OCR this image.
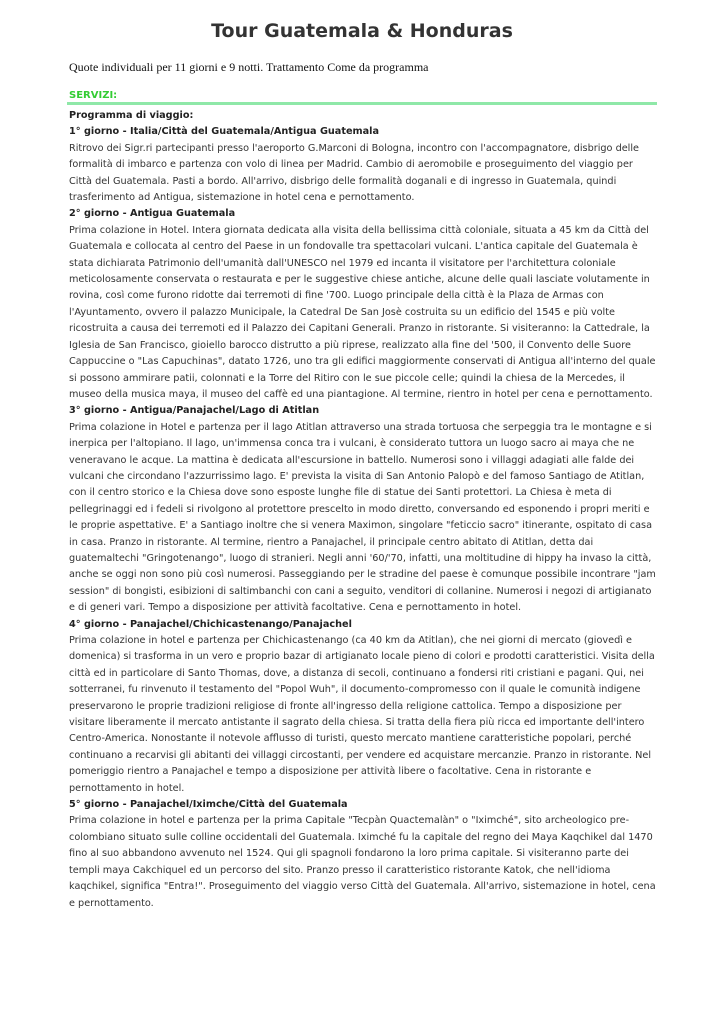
Tour Guatemala & Honduras

Quote individuali per 11 giorni e 9 notti. Trattamento Come da programma

SERVIZI:

Programma di viaggio:

1° giorno - Italia/Città del Guatemala/Antigua Guatemala

Ritrovo dei Sigr.ri partecipanti presso l'aeroporto G.Marconi di Bologna, incontro con l'accompagnatore, disbrigo delle formalità di imbarco e partenza con volo di linea per Madrid. Cambio di aeromobile e proseguimento del viaggio per Città del Guatemala. Pasti a bordo. All'arrivo, disbrigo delle formalità doganali e di ingresso in Guatemala, quindi trasferimento ad Antigua, sistemazione in hotel cena e pernottamento.

2° giorno - Antigua Guatemala

Prima colazione in Hotel. Intera giornata dedicata alla visita della bellissima città coloniale, situata a 45 km da Città del Guatemala e collocata al centro del Paese in un fondovalle tra spettacolari vulcani. L'antica capitale del Guatemala è stata dichiarata Patrimonio dell'umanità dall'UNESCO nel 1979 ed incanta il visitatore per l'architettura coloniale meticolosamente conservata o restaurata e per le suggestive chiese antiche, alcune delle quali lasciate volutamente in rovina, così come furono ridotte dai terremoti di fine '700. Luogo principale della città è la Plaza de Armas con l'Ayuntamento, ovvero il palazzo Municipale, la Catedral De San Josè costruita su un edificio del 1545 e più volte ricostruita a causa dei terremoti ed il Palazzo dei Capitani Generali. Pranzo in ristorante. Si visiteranno: la Cattedrale, la Iglesia de San Francisco, gioiello barocco distrutto a più riprese, realizzato alla fine del '500, il Convento delle Suore Cappuccine o "Las Capuchinas", datato 1726, uno tra gli edifici maggiormente conservati di Antigua all'interno del quale si possono ammirare patii, colonnati e la Torre del Ritiro con le sue piccole celle; quindi la chiesa de la Mercedes, il museo della musica maya, il museo del caffè ed una piantagione. Al termine, rientro in hotel per cena e pernottamento.

3° giorno - Antigua/Panajachel/Lago di Atitlan

Prima colazione in Hotel e partenza per il lago Atitlan attraverso una strada tortuosa che serpeggia tra le montagne e si inerpica per l'altopiano. Il lago, un'immensa conca tra i vulcani, è considerato tuttora un luogo sacro ai maya che ne veneravano le acque. La mattina è dedicata all'escursione in battello. Numerosi sono i villaggi adagiati alle falde dei vulcani che circondano l'azzurrissimo lago. E' prevista la visita di San Antonio Palopò e del famoso Santiago de Atitlan, con il centro storico e la Chiesa dove sono esposte lunghe file di statue dei Santi protettori. La Chiesa è meta di pellegrinaggi ed i fedeli si rivolgono al protettore prescelto in modo diretto, conversando ed esponendo i propri meriti e le proprie aspettative. E' a Santiago inoltre che si venera Maximon, singolare "feticcio sacro" itinerante, ospitato di casa in casa. Pranzo in ristorante. Al termine, rientro a Panajachel, il principale centro abitato di Atitlan, detta dai guatemaltechi "Gringotenango", luogo di stranieri. Negli anni '60/'70, infatti, una moltitudine di hippy ha invaso la città, anche se oggi non sono più così numerosi. Passeggiando per le stradine del paese è comunque possibile incontrare "jam session" di bongisti, esibizioni di saltimbanchi con cani a seguito, venditori di collanine. Numerosi i negozi di artigianato e di generi vari. Tempo a disposizione per attività facoltative. Cena e pernottamento in hotel.

4° giorno - Panajachel/Chichicastenango/Panajachel

Prima colazione in hotel e partenza per Chichicastenango (ca 40 km da Atitlan), che nei giorni di mercato (giovedì e domenica) si trasforma in un vero e proprio bazar di artigianato locale pieno di colori e prodotti caratteristici. Visita della città ed in particolare di Santo Thomas, dove, a distanza di secoli, continuano a fondersi riti cristiani e pagani. Qui, nei sotterranei, fu rinvenuto il testamento del "Popol Wuh", il documento-compromesso con il quale le comunità indigene preservarono le proprie tradizioni religiose di fronte all'ingresso della religione cattolica. Tempo a disposizione per visitare liberamente il mercato antistante il sagrato della chiesa. Si tratta della fiera più ricca ed importante dell'intero Centro-America. Nonostante il notevole afflusso di turisti, questo mercato mantiene caratteristiche popolari, perché continuano a recarvisi gli abitanti dei villaggi circostanti, per vendere ed acquistare mercanzie. Pranzo in ristorante. Nel pomeriggio rientro a Panajachel e tempo a disposizione per attività libere o facoltative. Cena in ristorante e pernottamento in hotel.

5° giorno - Panajachel/Iximche/Città del Guatemala

Prima colazione in hotel e partenza per la prima Capitale "Tecpàn Quactemalàn" o "Iximché", sito archeologico pre-colombiano situato sulle colline occidentali del Guatemala. Iximché fu la capitale del regno dei Maya Kaqchikel dal 1470 fino al suo abbandono avvenuto nel 1524. Qui gli spagnoli fondarono la loro prima capitale. Si visiteranno parte dei templi maya Cakchiquel ed un percorso del sito. Pranzo presso il caratteristico ristorante Katok, che nell'idioma kaqchikel, significa "Entra!". Proseguimento del viaggio verso Città del Guatemala. All'arrivo, sistemazione in hotel, cena e pernottamento.
